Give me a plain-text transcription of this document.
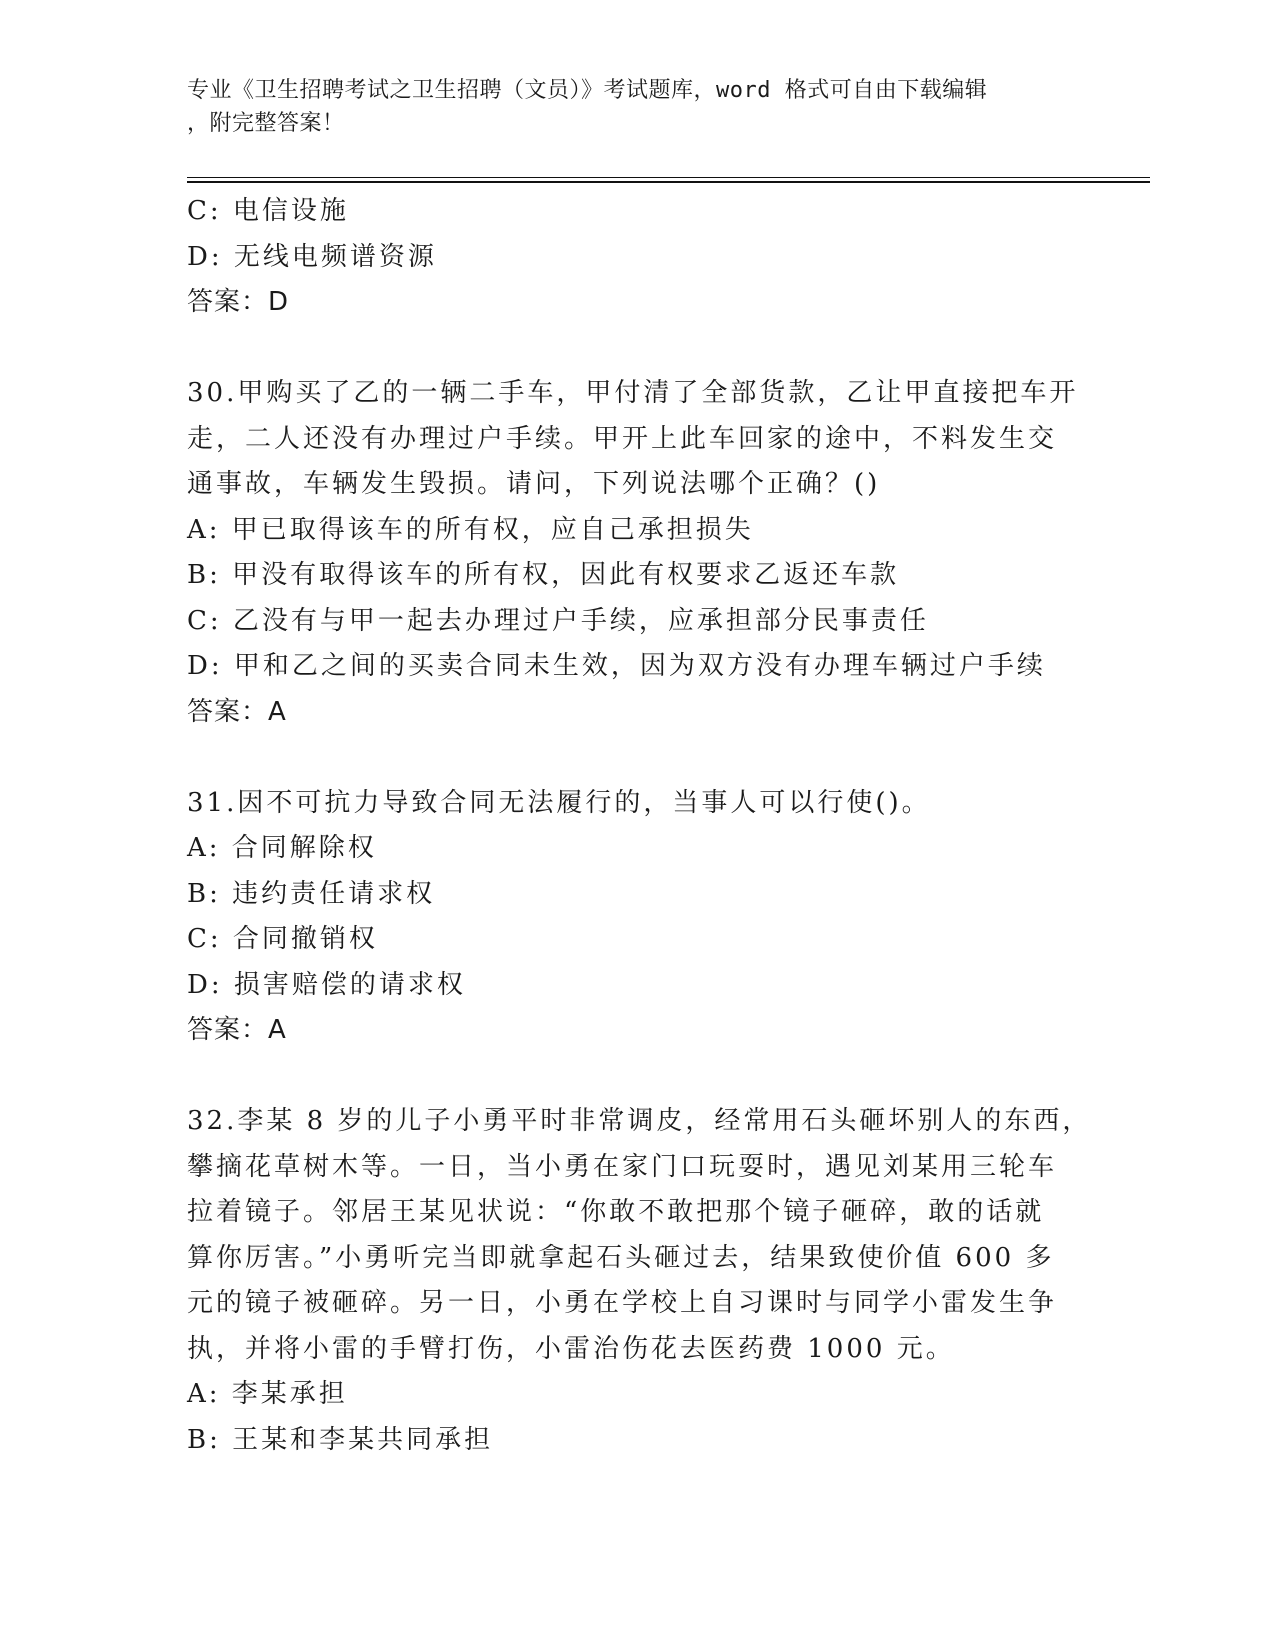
专业《卫生招聘考试之卫生招聘（文员）》考试题库，word 格式可自由下载编辑
，附完整答案！
C: 电信设施
D: 无线电频谱资源
答案：D
30.甲购买了乙的一辆二手车，甲付清了全部货款，乙让甲直接把车开
走，二人还没有办理过户手续。甲开上此车回家的途中，不料发生交
通事故，车辆发生毁损。请问，下列说法哪个正确？()
A: 甲已取得该车的所有权，应自己承担损失
B: 甲没有取得该车的所有权，因此有权要求乙返还车款
C: 乙没有与甲一起去办理过户手续，应承担部分民事责任
D: 甲和乙之间的买卖合同未生效，因为双方没有办理车辆过户手续
答案：A
31.因不可抗力导致合同无法履行的，当事人可以行使()。
A: 合同解除权
B: 违约责任请求权
C: 合同撤销权
D: 损害赔偿的请求权
答案：A
32.李某 8 岁的儿子小勇平时非常调皮，经常用石头砸坏别人的东西，
攀摘花草树木等。一日，当小勇在家门口玩耍时，遇见刘某用三轮车
拉着镜子。邻居王某见状说：“你敢不敢把那个镜子砸碎，敢的话就
算你厉害。”小勇听完当即就拿起石头砸过去，结果致使价值 600 多
元的镜子被砸碎。另一日，小勇在学校上自习课时与同学小雷发生争
执，并将小雷的手臂打伤，小雷治伤花去医药费 1000 元。
A: 李某承担
B: 王某和李某共同承担
